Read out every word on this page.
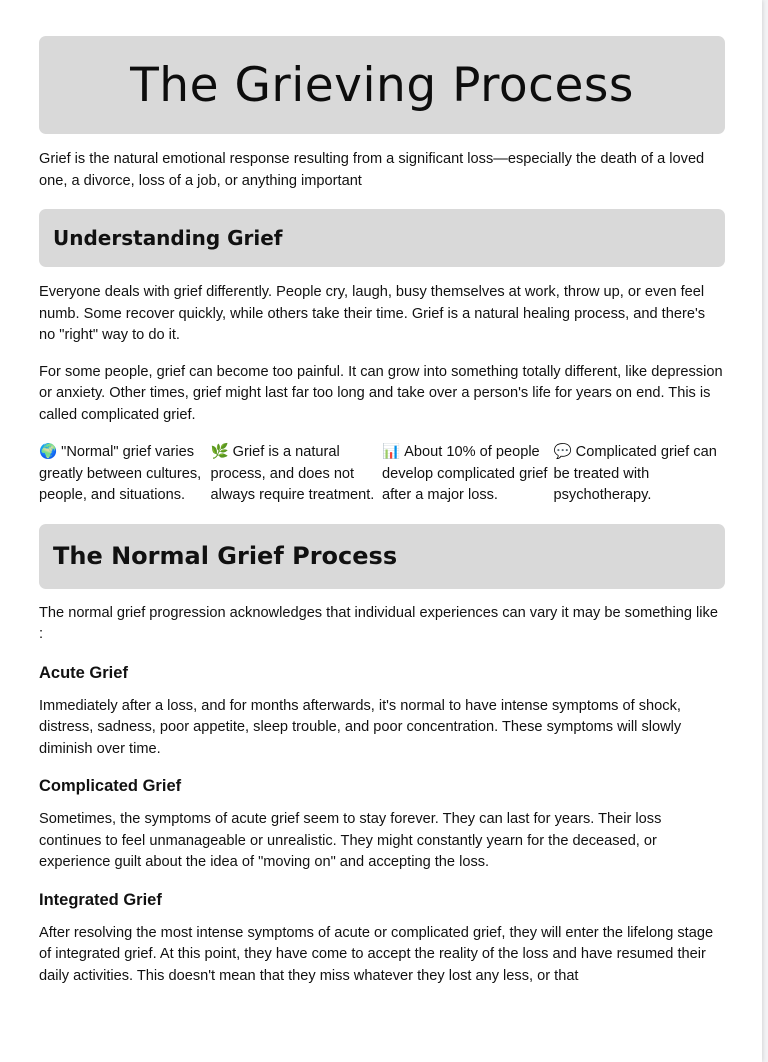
The Grieving Process

Grief is the natural emotional response resulting from a significant loss—especially the death of a loved one, a divorce, loss of a job, or anything important

Understanding Grief

Everyone deals with grief differently. People cry, laugh, busy themselves at work, throw up, or even feel numb. Some recover quickly, while others take their time. Grief is a natural healing process, and there's no "right" way to do it.

For some people, grief can become too painful. It can grow into something totally different, like depression or anxiety. Other times, grief might last far too long and take over a person's life for years on end. This is called complicated grief.

🌍 "Normal" grief varies greatly between cultures, people, and situations.
🌿 Grief is a natural process, and does not always require treatment.
📊 About 10% of people develop complicated grief after a major loss.
💬 Complicated grief can be treated with psychotherapy.
The Normal Grief Process

The normal grief progression acknowledges that individual experiences can vary it may be something like :

Acute Grief

Immediately after a loss, and for months afterwards, it's normal to have intense symptoms of shock, distress, sadness, poor appetite, sleep trouble, and poor concentration. These symptoms will slowly diminish over time.

Complicated Grief

Sometimes, the symptoms of acute grief seem to stay forever. They can last for years. Their loss continues to feel unmanageable or unrealistic. They might constantly yearn for the deceased, or experience guilt about the idea of "moving on" and accepting the loss.

Integrated Grief

After resolving the most intense symptoms of acute or complicated grief, they will enter the lifelong stage of integrated grief. At this point, they have come to accept the reality of the loss and have resumed their daily activities. This doesn't mean that they miss whatever they lost any less, or that
